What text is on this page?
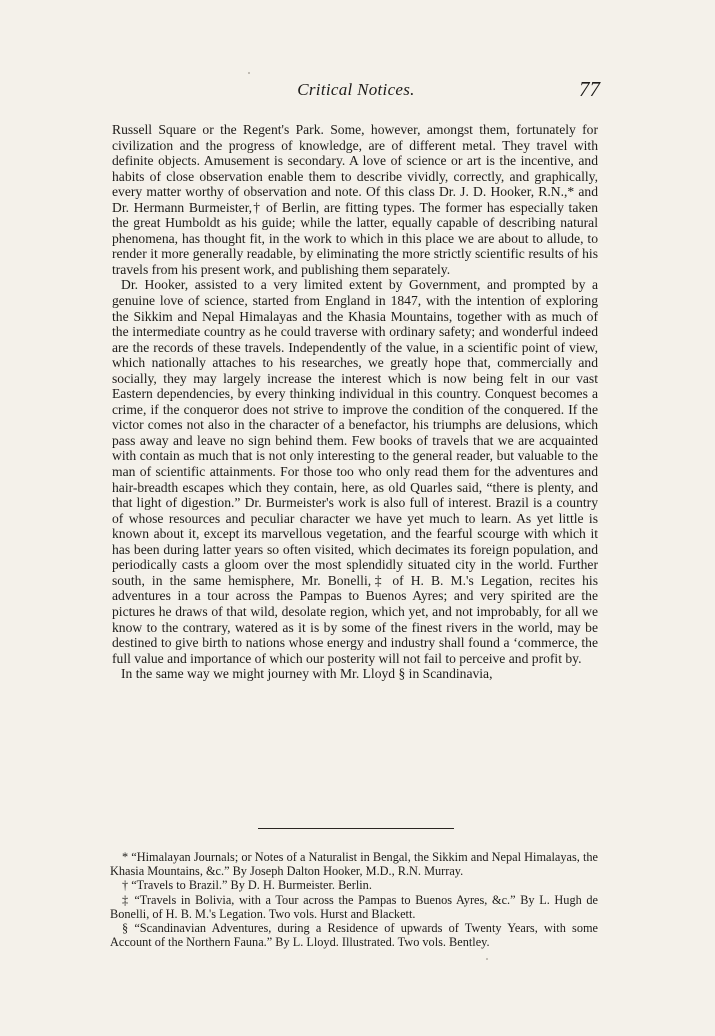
Critical Notices.	77

Russell Square or the Regent's Park. Some, however, amongst them, fortunately for civilization and the progress of knowledge, are of different metal. They travel with definite objects. Amusement is secondary. A love of science or art is the incentive, and habits of close observation enable them to describe vividly, correctly, and graphically, every matter worthy of observation and note. Of this class Dr. J. D. Hooker, R.N.,* and Dr. Hermann Burmeister,† of Berlin, are fitting types. The former has especially taken the great Humboldt as his guide; while the latter, equally capable of describing natural phenomena, has thought fit, in the work to which in this place we are about to allude, to render it more generally readable, by eliminating the more strictly scientific results of his travels from his present work, and publishing them separately.

Dr. Hooker, assisted to a very limited extent by Government, and prompted by a genuine love of science, started from England in 1847, with the intention of exploring the Sikkim and Nepal Himalayas and the Khasia Mountains, together with as much of the intermediate country as he could traverse with ordinary safety; and wonderful indeed are the records of these travels. Independently of the value, in a scientific point of view, which nationally attaches to his researches, we greatly hope that, commercially and socially, they may largely increase the interest which is now being felt in our vast Eastern dependencies, by every thinking individual in this country. Conquest becomes a crime, if the conqueror does not strive to improve the condition of the conquered. If the victor comes not also in the character of a benefactor, his triumphs are delusions, which pass away and leave no sign behind them. Few books of travels that we are acquainted with contain as much that is not only interesting to the general reader, but valuable to the man of scientific attainments. For those too who only read them for the adventures and hair-breadth escapes which they contain, here, as old Quarles said, “there is plenty, and that light of digestion.” Dr. Burmeister's work is also full of interest. Brazil is a country of whose resources and peculiar character we have yet much to learn. As yet little is known about it, except its marvellous vegetation, and the fearful scourge with which it has been during latter years so often visited, which decimates its foreign population, and periodically casts a gloom over the most splendidly situated city in the world. Further south, in the same hemisphere, Mr. Bonelli,‡ of H. B. M.'s Legation, recites his adventures in a tour across the Pampas to Buenos Ayres; and very spirited are the pictures he draws of that wild, desolate region, which yet, and not improbably, for all we know to the contrary, watered as it is by some of the finest rivers in the world, may be destined to give birth to nations whose energy and industry shall found a ‘commerce, the full value and importance of which our posterity will not fail to perceive and profit by.

In the same way we might journey with Mr. Lloyd § in Scandinavia,

* “Himalayan Journals; or Notes of a Naturalist in Bengal, the Sikkim and Nepal Himalayas, the Khasia Mountains, &c.” By Joseph Dalton Hooker, M.D., R.N. Murray.

† “Travels to Brazil.” By D. H. Burmeister. Berlin.

‡ “Travels in Bolivia, with a Tour across the Pampas to Buenos Ayres, &c.” By L. Hugh de Bonelli, of H. B. M.'s Legation. Two vols. Hurst and Blackett.

§ “Scandinavian Adventures, during a Residence of upwards of Twenty Years, with some Account of the Northern Fauna.” By L. Lloyd. Illustrated. Two vols. Bentley.
